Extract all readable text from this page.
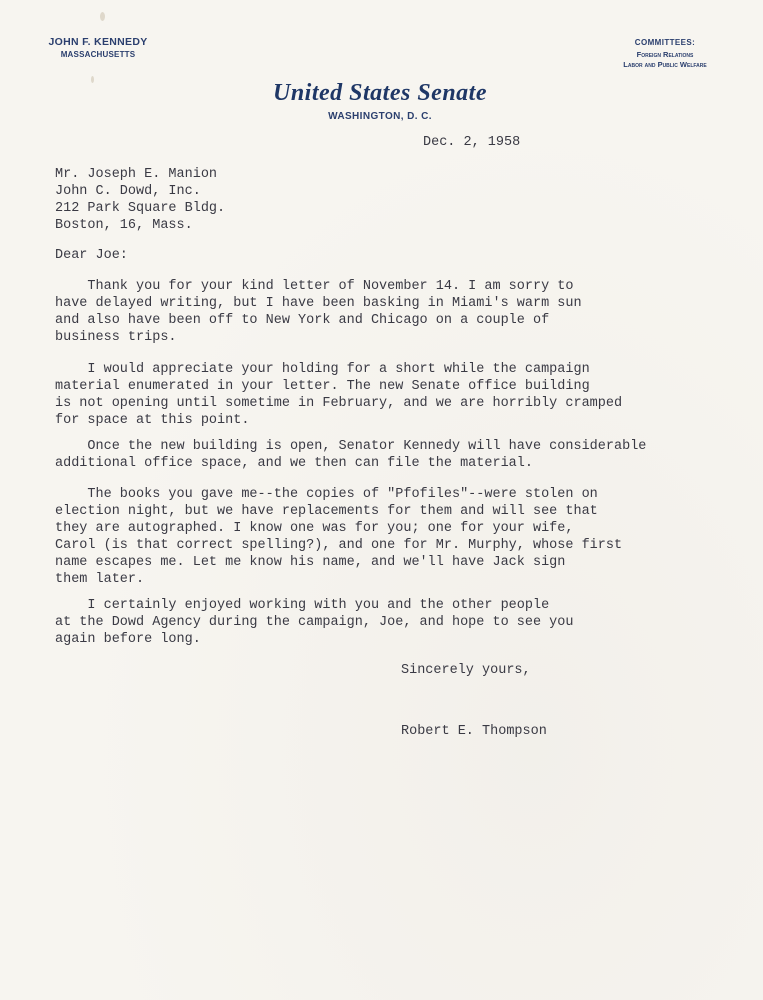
JOHN F. KENNEDY
MASSACHUSETTS
COMMITTEES:
Foreign Relations
Labor and Public Welfare
United States Senate
WASHINGTON, D. C.
Dec. 2, 1958
Mr. Joseph E. Manion
John C. Dowd, Inc.
212 Park Square Bldg.
Boston, 16, Mass.
Dear Joe:
Thank you for your kind letter of November 14. I am sorry to
have delayed writing, but I have been basking in Miami's warm sun
and also have been off to New York and Chicago on a couple of
business trips.
I would appreciate your holding for a short while the campaign
material enumerated in your letter. The new Senate office building
is not opening until sometime in February, and we are horribly cramped
for space at this point.
Once the new building is open, Senator Kennedy will have considerable
additional office space, and we then can file the material.
The books you gave me--the copies of "Pfofiles"--were stolen on
election night, but we have replacements for them and will see that
they are autographed. I know one was for you; one for your wife,
Carol (is that correct spelling?), and one for Mr. Murphy, whose first
name escapes me. Let me know his name, and we'll have Jack sign
them later.
I certainly enjoyed working with you and the other people
at the Dowd Agency during the campaign, Joe, and hope to see you
again before long.
Sincerely yours,
Robert E. Thompson
